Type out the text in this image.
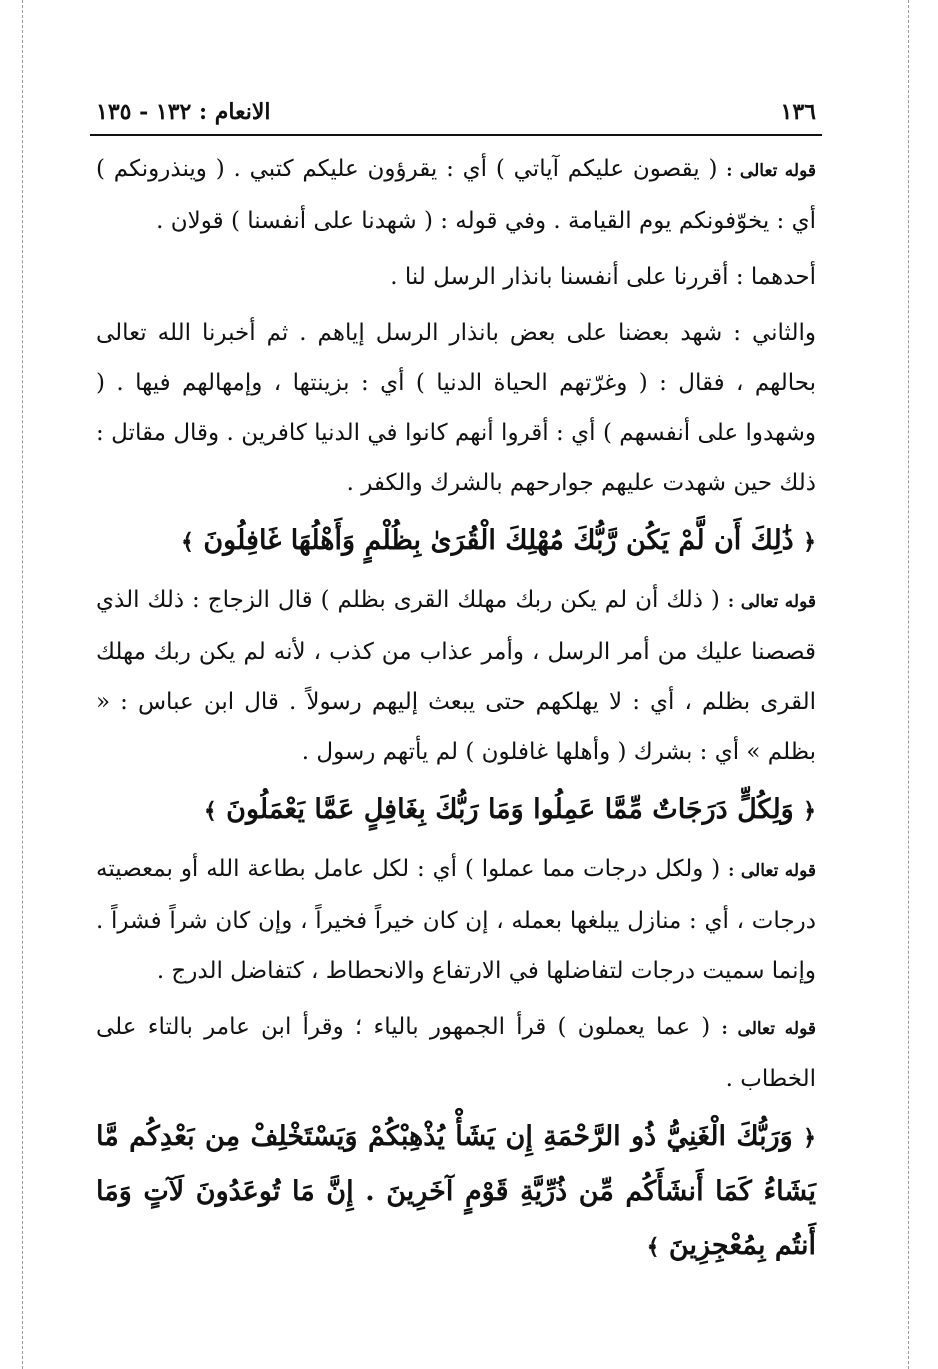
١٣٦
الانعام : ١٣٢ - ١٣٥
قوله تعالى : ( يقصون عليكم آياتي ) أي : يقرؤون عليكم كتبي . ( وينذرونكم ) أي : يخوّفونكم يوم القيامة . وفي قوله : ( شهدنا على أنفسنا ) قولان .
أحدهما : أقررنا على أنفسنا بانذار الرسل لنا .
والثاني : شهد بعضنا على بعض بانذار الرسل إياهم . ثم أخبرنا الله تعالى بحالهم ، فقال : ( وغرّتهم الحياة الدنيا ) أي : بزينتها ، وإمهالهم فيها . ( وشهدوا على أنفسهم ) أي : أقروا أنهم كانوا في الدنيا كافرين . وقال مقاتل : ذلك حين شهدت عليهم جوارحهم بالشرك والكفر .
﴿ ذَٰلِكَ أَن لَّمْ يَكُن رَّبُّكَ مُهْلِكَ الْقُرَىٰ بِظُلْمٍ وَأَهْلُهَا غَافِلُونَ ﴾
قوله تعالى : ( ذلك أن لم يكن ربك مهلك القرى بظلم ) قال الزجاج : ذلك الذي قصصنا عليك من أمر الرسل ، وأمر عذاب من كذب ، لأنه لم يكن ربك مهلك القرى بظلم ، أي : لا يهلكهم حتى يبعث إليهم رسولاً . قال ابن عباس : « بظلم » أي : بشرك ( وأهلها غافلون ) لم يأتهم رسول .
﴿ وَلِكُلٍّ دَرَجَاتٌ مِّمَّا عَمِلُوا وَمَا رَبُّكَ بِغَافِلٍ عَمَّا يَعْمَلُونَ ﴾
قوله تعالى : ( ولكل درجات مما عملوا ) أي : لكل عامل بطاعة الله أو بمعصيته درجات ، أي : منازل يبلغها بعمله ، إن كان خيراً فخيراً ، وإن كان شراً فشراً . وإنما سميت درجات لتفاضلها في الارتفاع والانحطاط ، كتفاضل الدرج .
قوله تعالى : ( عما يعملون ) قرأ الجمهور بالياء ؛ وقرأ ابن عامر بالتاء على الخطاب .
﴿ وَرَبُّكَ الْغَنِيُّ ذُو الرَّحْمَةِ إِن يَشَأْ يُذْهِبْكُمْ وَيَسْتَخْلِفْ مِن بَعْدِكُم مَّا يَشَاءُ كَمَا أَنشَأَكُم مِّن ذُرِّيَّةِ قَوْمٍ آخَرِينَ . إِنَّ مَا تُوعَدُونَ لَآتٍ وَمَا أَنتُم بِمُعْجِزِينَ ﴾
